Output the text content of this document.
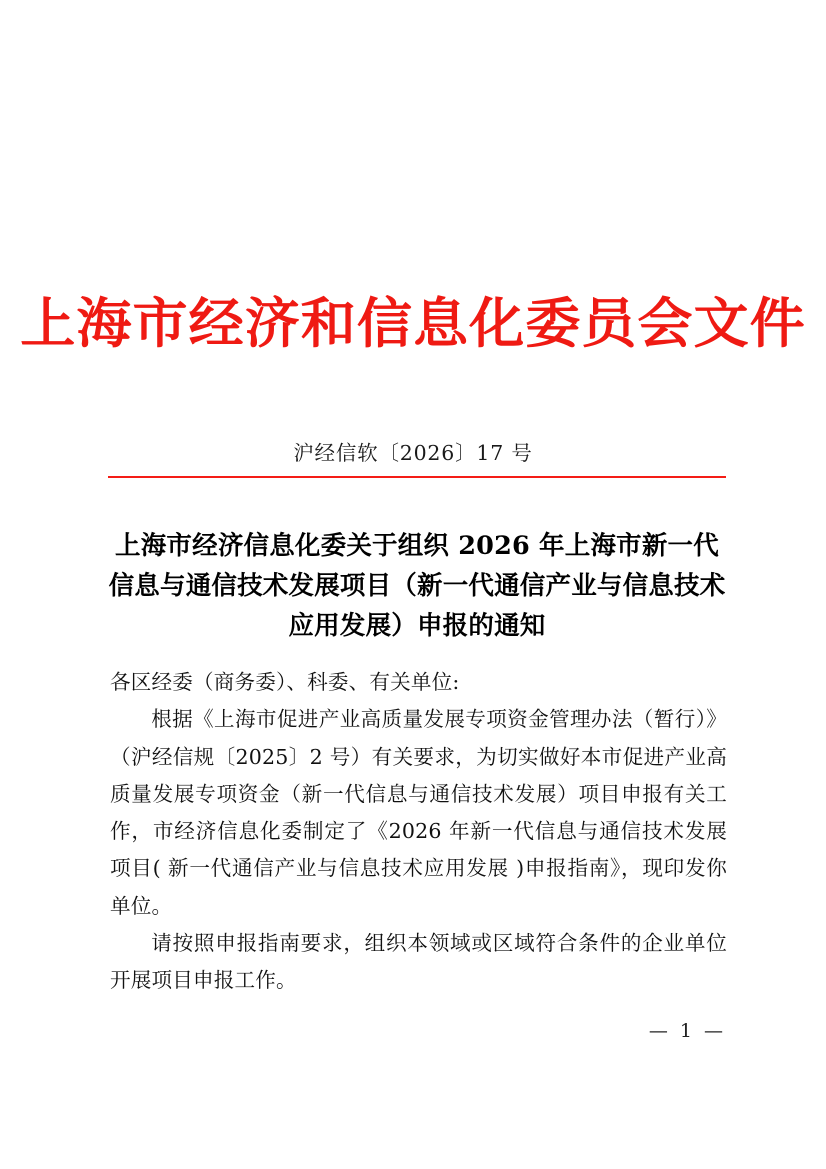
上海市经济和信息化委员会文件
沪经信软〔2026〕17 号
上海市经济信息化委关于组织 2026 年上海市新一代
信息与通信技术发展项目（新一代通信产业与信息技术
应用发展）申报的通知

各区经委（商务委）、科委、有关单位:

根据《上海市促进产业高质量发展专项资金管理办法（暂行）》（沪经信规〔2025〕2 号）有关要求，为切实做好本市促进产业高质量发展专项资金（新一代信息与通信技术发展）项目申报有关工作，市经济信息化委制定了《2026 年新一代信息与通信技术发展项目( 新一代通信产业与信息技术应用发展 )申报指南》，现印发你单位。

请按照申报指南要求，组织本领域或区域符合条件的企业单位开展项目申报工作。

— 1 —
